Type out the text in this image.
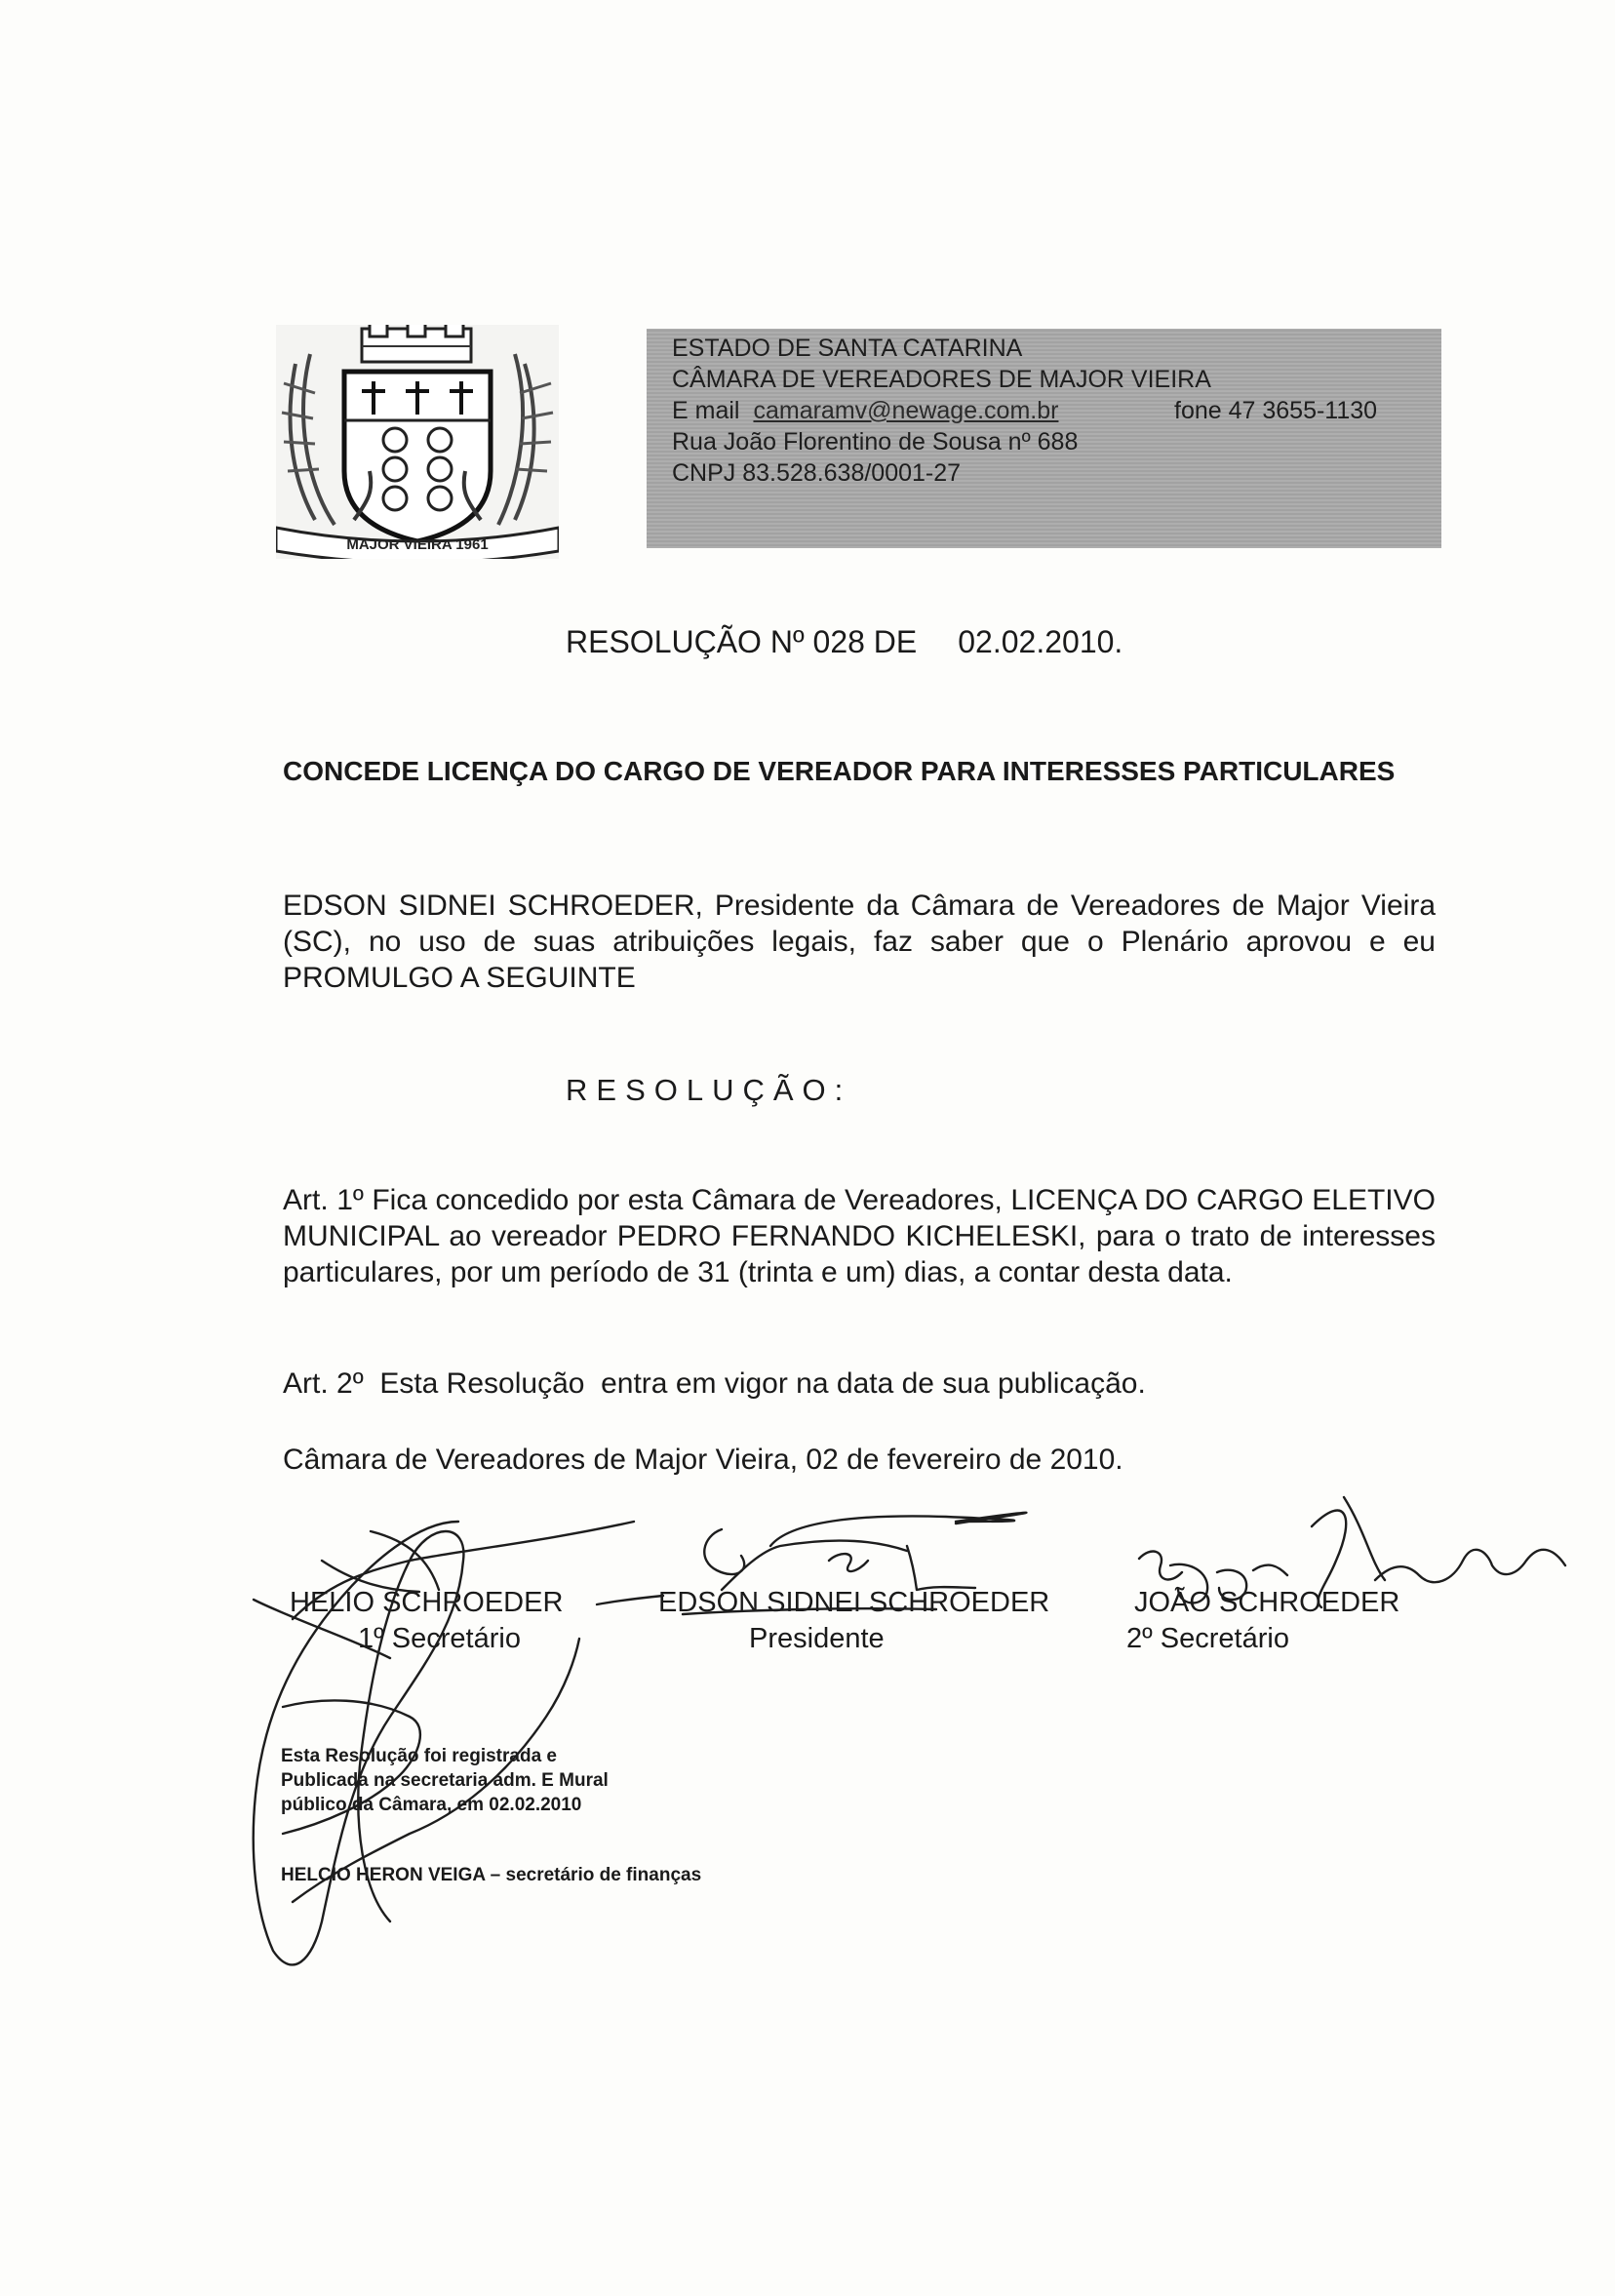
MAJOR VIEIRA 1961
ESTADO DE SANTA CATARINA
CÂMARA DE VEREADORES DE MAJOR VIEIRA
E mail camaramv@newage.com.br	fone 47 3655-1130
Rua João Florentino de Sousa nº 688
CNPJ 83.528.638/0001-27
RESOLUÇÃO Nº 028 DE 02.02.2010.
CONCEDE LICENÇA DO CARGO DE VEREADOR PARA INTERESSES PARTICULARES
EDSON SIDNEI SCHROEDER, Presidente da Câmara de Vereadores de Major Vieira (SC), no uso de suas atribuições legais, faz saber que o Plenário aprovou e eu PROMULGO A SEGUINTE
RESOLUÇÃO:
Art. 1º Fica concedido por esta Câmara de Vereadores, LICENÇA DO CARGO ELETIVO MUNICIPAL ao vereador PEDRO FERNANDO KICHELESKI, para o trato de interesses particulares, por um período de 31 (trinta e um) dias, a contar desta data.
Art. 2º  Esta Resolução  entra em vigor na data de sua publicação.
Câmara de Vereadores de Major Vieira, 02 de fevereiro de 2010.
HELIO SCHROEDER
1º Secretário
EDSON SIDNEI SCHROEDER
Presidente
JOÃO SCHROEDER
2º Secretário
Esta Resolução foi registrada e Publicada na secretaria adm. E Mural público da Câmara, em 02.02.2010
HELCIO HERON VEIGA – secretário de finanças
